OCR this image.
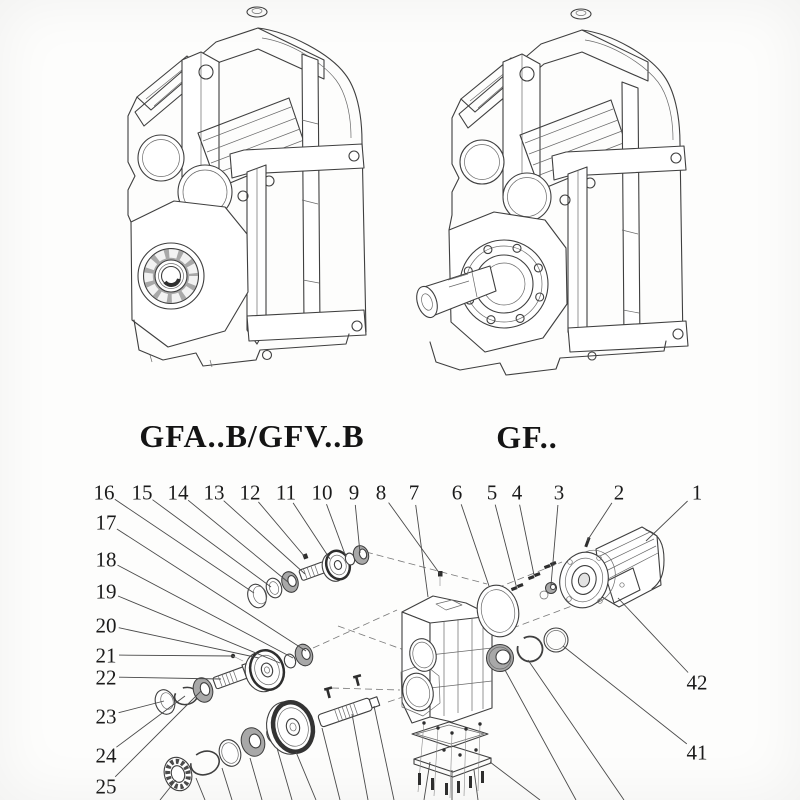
GFA..B/GFV..B	GF..
16 15 14 13 12 11 10 9 8 7 6 5 4 3 2	1
17
18
19
20
21
22
23
24
25
42
41
